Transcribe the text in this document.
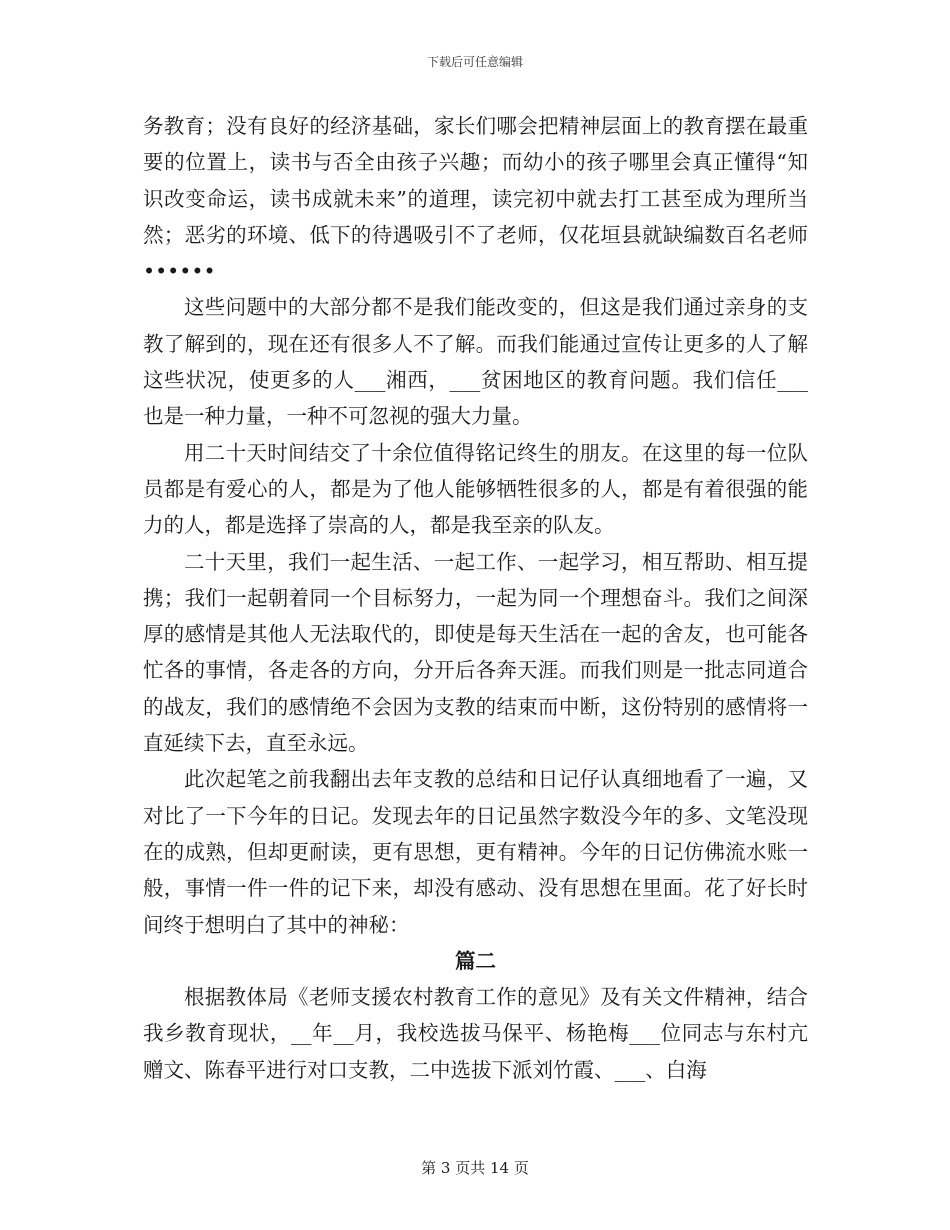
下载后可任意编辑

务教育；没有良好的经济基础，家长们哪会把精神层面上的教育摆在最重要的位置上，读书与否全由孩子兴趣；而幼小的孩子哪里会真正懂得“知识改变命运，读书成就未来”的道理，读完初中就去打工甚至成为理所当然；恶劣的环境、低下的待遇吸引不了老师，仅花垣县就缺编数百名老师••••••

这些问题中的大部分都不是我们能改变的，但这是我们通过亲身的支教了解到的，现在还有很多人不了解。而我们能通过宣传让更多的人了解这些状况，使更多的人___湘西，___贫困地区的教育问题。我们信任___也是一种力量，一种不可忽视的强大力量。

用二十天时间结交了十余位值得铭记终生的朋友。在这里的每一位队员都是有爱心的人，都是为了他人能够牺牲很多的人，都是有着很强的能力的人，都是选择了崇高的人，都是我至亲的队友。

二十天里，我们一起生活、一起工作、一起学习，相互帮助、相互提携；我们一起朝着同一个目标努力，一起为同一个理想奋斗。我们之间深厚的感情是其他人无法取代的，即使是每天生活在一起的舍友，也可能各忙各的事情，各走各的方向，分开后各奔天涯。而我们则是一批志同道合的战友，我们的感情绝不会因为支教的结束而中断，这份特别的感情将一直延续下去，直至永远。

此次起笔之前我翻出去年支教的总结和日记仔认真细地看了一遍，又对比了一下今年的日记。发现去年的日记虽然字数没今年的多、文笔没现在的成熟，但却更耐读，更有思想，更有精神。今年的日记仿佛流水账一般，事情一件一件的记下来，却没有感动、没有思想在里面。花了好长时间终于想明白了其中的神秘：

篇二

根据教体局《老师支援农村教育工作的意见》及有关文件精神，结合我乡教育现状，__年__月，我校选拔马保平、杨艳梅___位同志与东村亢赠文、陈春平进行对口支教，二中选拔下派刘竹霞、___、白海

第 3 页共 14 页
